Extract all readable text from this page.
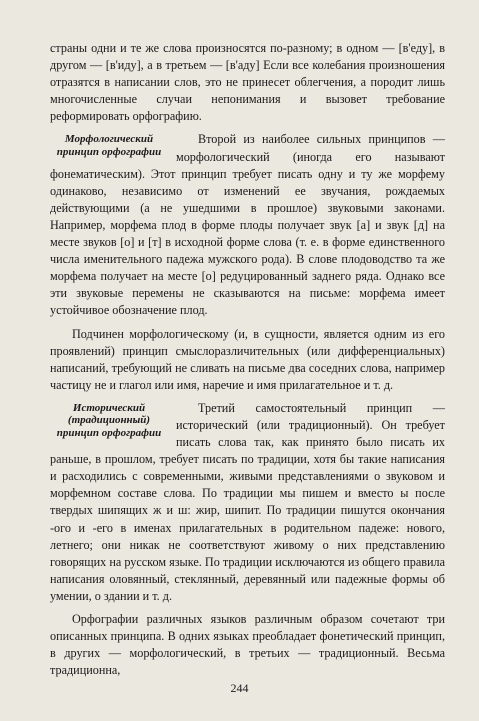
страны одни и те же слова произносятся по-разному; в одном — [в'еду], в другом — [в'иду], а в третьем — [в'аду] Если все колебания произношения отразятся в написании слов, это не принесет облегчения, а породит лишь многочисленные случаи непонимания и вызовет требование реформировать орфографию.

Морфологический принцип орфографии

Второй из наиболее сильных принципов — морфологический (иногда его называют фонематическим). Этот принцип требует писать одну и ту же морфему одинаково, независимо от изменений ее звучания, рождаемых действующими (а не ушедшими в прошлое) звуковыми законами. Например, морфема плод в форме плоды получает звук [а] и звук [д] на месте звуков [о] и [т] в исходной форме слова (т. е. в форме единственного числа именительного падежа мужского рода). В слове плодоводство та же морфема получает на месте [о] редуцированный заднего ряда. Однако все эти звуковые перемены не сказываются на письме: морфема имеет устойчивое обозначение плод.

Подчинен морфологическому (и, в сущности, является одним из его проявлений) принцип смыслоразличительных (или дифференциальных) написаний, требующий не сливать на письме два соседних слова, например частицу не и глагол или имя, наречие и имя прилагательное и т. д.

Исторический (традиционный) принцип орфографии

Третий самостоятельный принцип — исторический (или традиционный). Он требует писать слова так, как принято было писать их раньше, в прошлом, требует писать по традиции, хотя бы такие написания и расходились с современными, живыми представлениями о звуковом и морфемном составе слова. По традиции мы пишем и вместо ы после твердых шипящих ж и ш: жир, шипит. По традиции пишутся окончания -ого и -его в именах прилагательных в родительном падеже: нового, летнего; они никак не соответствуют живому о них представлению говорящих на русском языке. По традиции исключаются из общего правила написания оловянный, стеклянный, деревянный или падежные формы об умении, о здании и т. д.

Орфографии различных языков различным образом сочетают три описанных принципа. В одних языках преобладает фонетический принцип, в других — морфологический, в третьих — традиционный. Весьма традиционна,

244
